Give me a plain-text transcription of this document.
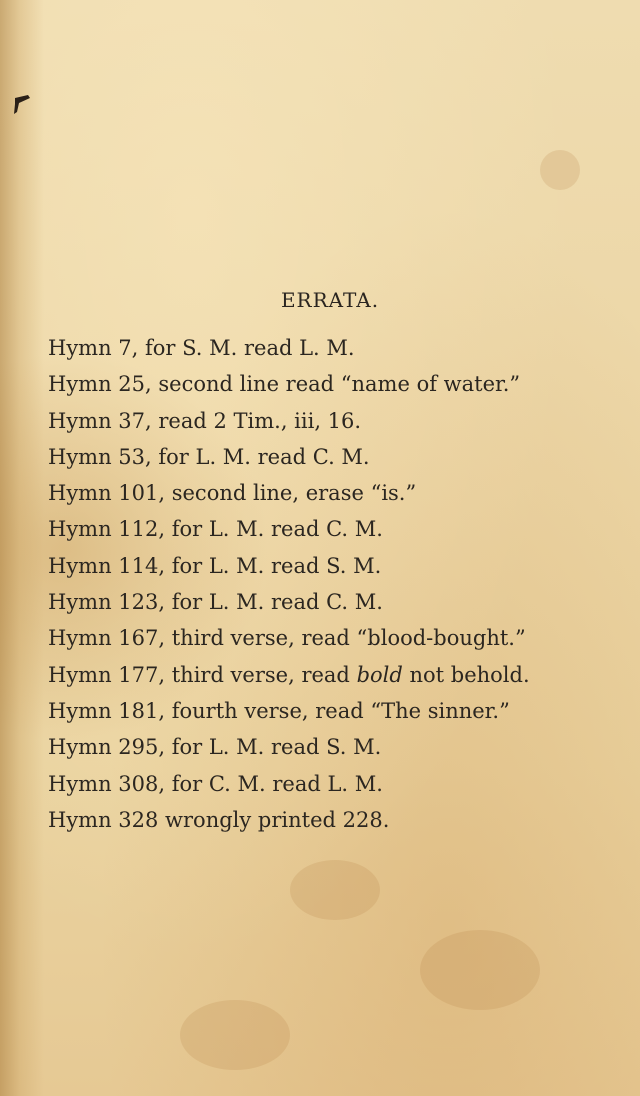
ERRATA.
Hymn 7, for S. M. read L. M.
Hymn 25, second line read “name of water.”
Hymn 37, read 2 Tim., iii, 16.
Hymn 53, for L. M. read C. M.
Hymn 101, second line, erase “is.”
Hymn 112, for L. M. read C. M.
Hymn 114, for L. M. read S. M.
Hymn 123, for L. M. read C. M.
Hymn 167, third verse, read “blood-bought.”
Hymn 177, third verse, read bold not behold.
Hymn 181, fourth verse, read “The sinner.”
Hymn 295, for L. M. read S. M.
Hymn 308, for C. M. read L. M.
Hymn 328 wrongly printed 228.
